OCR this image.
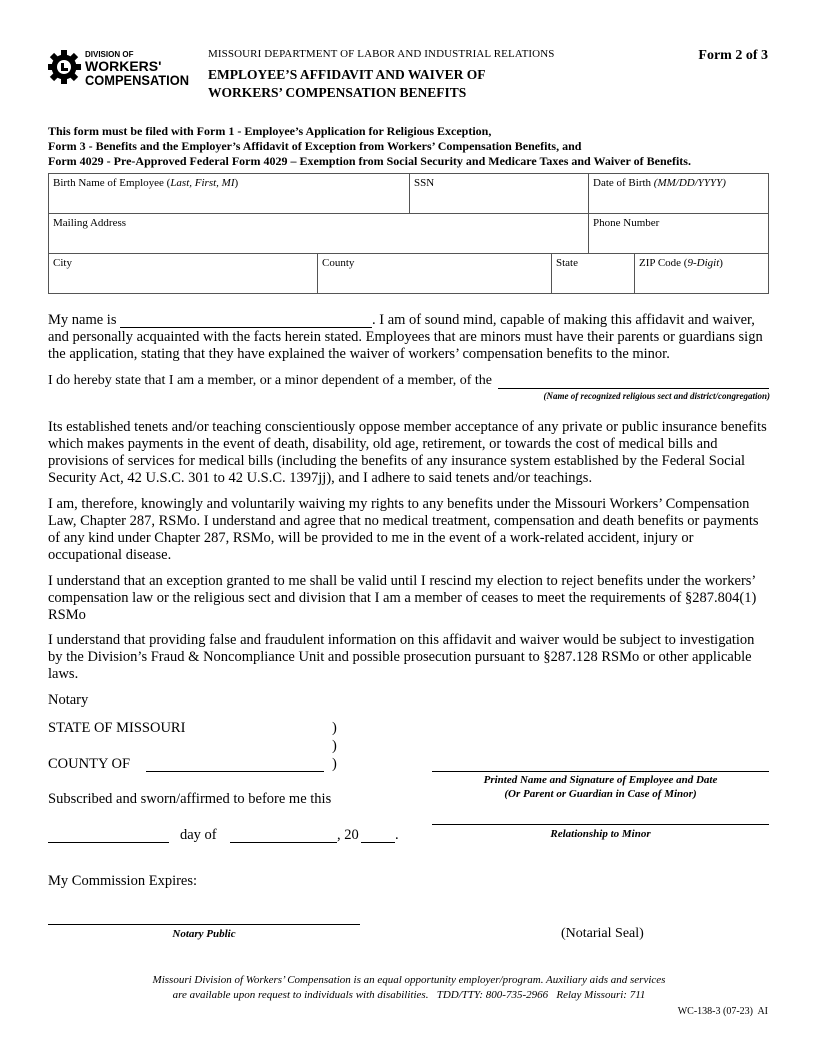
DIVISION OF
WORKERS'
COMPENSATION
MISSOURI DEPARTMENT OF LABOR AND INDUSTRIAL RELATIONS	Form 2 of 3
EMPLOYEE’S AFFIDAVIT AND WAIVER OF
WORKERS’ COMPENSATION BENEFITS
This form must be filed with Form 1 - Employee’s Application for Religious Exception,
Form 3 - Benefits and the Employer’s Affidavit of Exception from Workers’ Compensation Benefits, and
Form 4029 - Pre-Approved Federal Form 4029 – Exemption from Social Security and Medicare Taxes and Waiver of Benefits.
Birth Name of Employee (Last, First, MI)	SSN	Date of Birth (MM/DD/YYYY)
Mailing Address	Phone Number
City	County	State	ZIP Code (9-Digit)
My name is	. I am of sound mind, capable of making this affidavit and waiver,
and personally acquainted with the facts herein stated. Employees that are minors must have their parents or guardians sign the application, stating that they have explained the waiver of workers’ compensation benefits to the minor.
I do hereby state that I am a member, or a minor dependent of a member, of the
(Name of recognized religious sect and district/congregation)
Its established tenets and/or teaching conscientiously oppose member acceptance of any private or public insurance benefits which makes payments in the event of death, disability, old age, retirement, or towards the cost of medical bills and provisions of services for medical bills (including the benefits of any insurance system established by the Federal Social Security Act, 42 U.S.C. 301 to 42 U.S.C. 1397jj), and I adhere to said tenets and/or teachings.
I am, therefore, knowingly and voluntarily waiving my rights to any benefits under the Missouri Workers’ Compensation Law, Chapter 287, RSMo. I understand and agree that no medical treatment, compensation and death benefits or payments of any kind under Chapter 287, RSMo, will be provided to me in the event of a work-related accident, injury or occupational disease.
I understand that an exception granted to me shall be valid until I rescind my election to reject benefits under the workers’ compensation law or the religious sect and division that I am a member of ceases to meet the requirements of §287.804(1) RSMo
I understand that providing false and fraudulent information on this affidavit and waiver would be subject to investigation by the Division’s Fraud & Noncompliance Unit and possible prosecution pursuant to §287.128 RSMo or other applicable laws.
Notary
STATE OF MISSOURI	)
)
COUNTY OF	)
Printed Name and Signature of Employee and Date
(Or Parent or Guardian in Case of Minor)
Subscribed and sworn/affirmed to before me this
Relationship to Minor
day of	, 20	.
My Commission Expires:
Notary Public	(Notarial Seal)
Missouri Division of Workers’ Compensation is an equal opportunity employer/program. Auxiliary aids and services
are available upon request to individuals with disabilities.   TDD/TTY: 800-735-2966   Relay Missouri: 711
WC-138-3 (07-23)  AI
